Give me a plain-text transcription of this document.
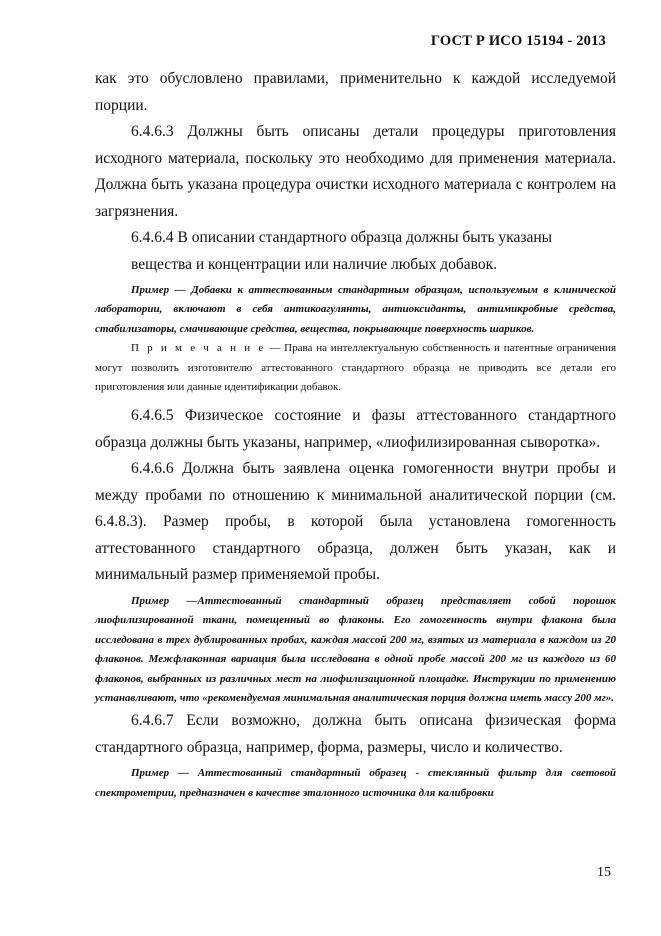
ГОСТ Р ИСО 15194 - 2013

как это обусловлено правилами, применительно к каждой исследуемой порции.

6.4.6.3 Должны быть описаны детали процедуры приготовления исходного материала, поскольку это необходимо для применения материала. Должна быть указана процедура очистки исходного материала с контролем на загрязнения.

6.4.6.4 В описании стандартного образца должны быть указаны

вещества и концентрации или наличие любых добавок.

Пример — Добавки к аттестованным стандартным образцам, используемым в клинической лаборатории, включают в себя антикоагулянты, антиоксиданты, антимикробные средства, стабилизаторы, смачивающие средства, вещества, покрывающие поверхность шариков.

П р и м е ч а н и е — Права на интеллектуальную собственность и патентные ограничения могут позволить изготовителю аттестованного стандартного образца не приводить все детали его приготовления или данные идентификации добавок.

6.4.6.5 Физическое состояние и фазы аттестованного стандартного образца должны быть указаны, например, «лиофилизированная сыворотка».

6.4.6.6 Должна быть заявлена оценка гомогенности внутри пробы и между пробами по отношению к минимальной аналитической порции (см. 6.4.8.3). Размер пробы, в которой была установлена гомогенность аттестованного стандартного образца, должен быть указан, как и минимальный размер применяемой пробы.

Пример —Аттестованный стандартный образец представляет собой порошок лиофилизированной ткани, помещенный во флаконы. Его гомогенность внутри флакона была исследована в трех дублированных пробах, каждая массой 200 мг, взятых из материала в каждом из 20 флаконов. Межфлаконная вариация была исследована в одной пробе массой 200 мг из каждого из 60 флаконов, выбранных из различных мест на лиофилизационной площадке. Инструкции по применению устанавливают, что «рекомендуемая минимальная аналитическая порция должна иметь массу 200 мг».

6.4.6.7 Если возможно, должна быть описана физическая форма стандартного образца, например, форма, размеры, число и количество.

Пример — Аттестованный стандартный образец - стеклянный фильтр для световой спектрометрии, предназначен в качестве эталонного источника для калибровки

15
